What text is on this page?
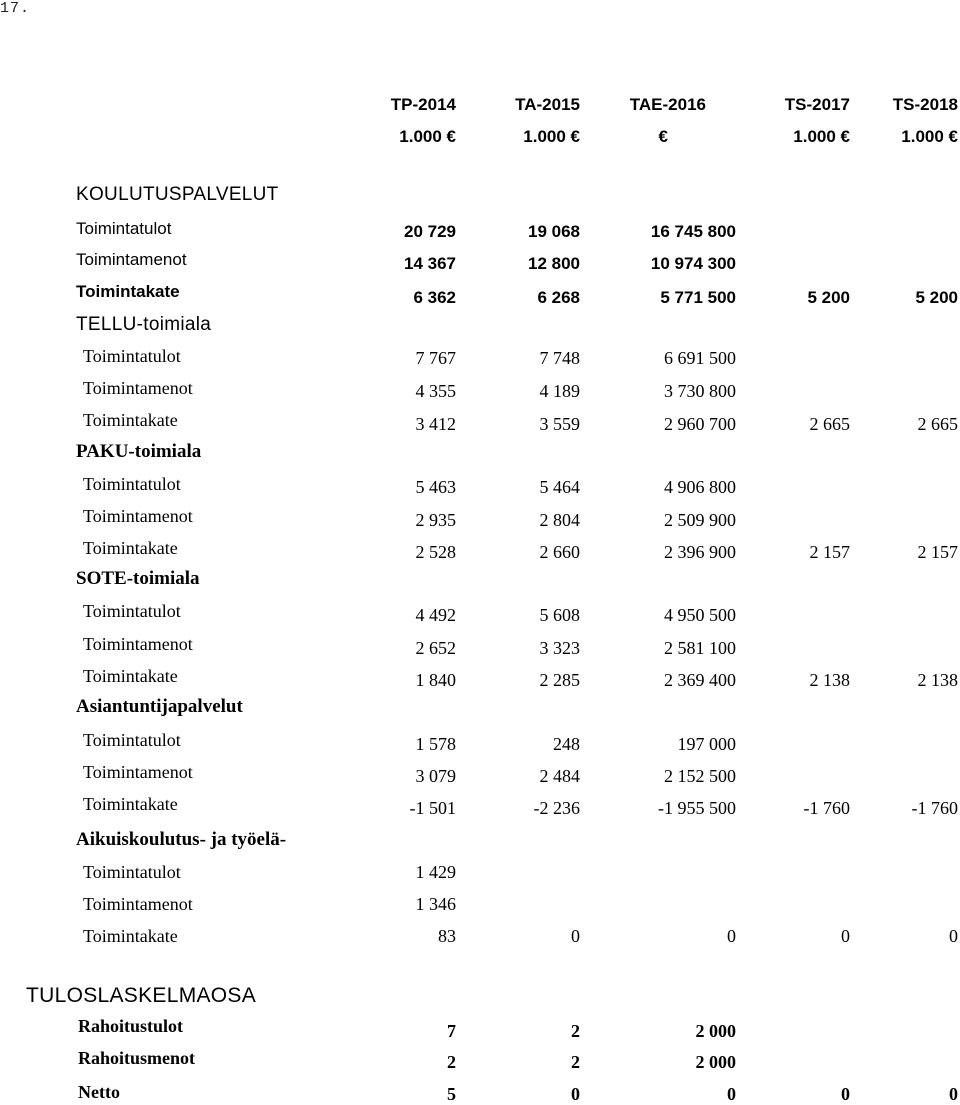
17.
TP-2014	TA-2015	TAE-2016	TS-2017	TS-2018
1.000 €	1.000 €	€	1.000 €	1.000 €
KOULUTUSPALVELUT
Toimintatulot	20 729	19 068	16 745 800
Toimintamenot	14 367	12 800	10 974 300
Toimintakate	6 362	6 268	5 771 500	5 200	5 200
TELLU-toimiala
Toimintatulot	7 767	7 748	6 691 500
Toimintamenot	4 355	4 189	3 730 800
Toimintakate	3 412	3 559	2 960 700	2 665	2 665
PAKU-toimiala
Toimintatulot	5 463	5 464	4 906 800
Toimintamenot	2 935	2 804	2 509 900
Toimintakate	2 528	2 660	2 396 900	2 157	2 157
SOTE-toimiala
Toimintatulot	4 492	5 608	4 950 500
Toimintamenot	2 652	3 323	2 581 100
Toimintakate	1 840	2 285	2 369 400	2 138	2 138
Asiantuntijapalvelut
Toimintatulot	1 578	248	197 000
Toimintamenot	3 079	2 484	2 152 500
Toimintakate	-1 501	-2 236	-1 955 500	-1 760	-1 760
Aikuiskoulutus- ja työelä-
Toimintatulot	1 429
Toimintamenot	1 346
Toimintakate	83	0	0	0	0
TULOSLASKELMAOSA
Rahoitustulot	7	2	2 000
Rahoitusmenot	2	2	2 000
Netto	5	0	0	0	0
